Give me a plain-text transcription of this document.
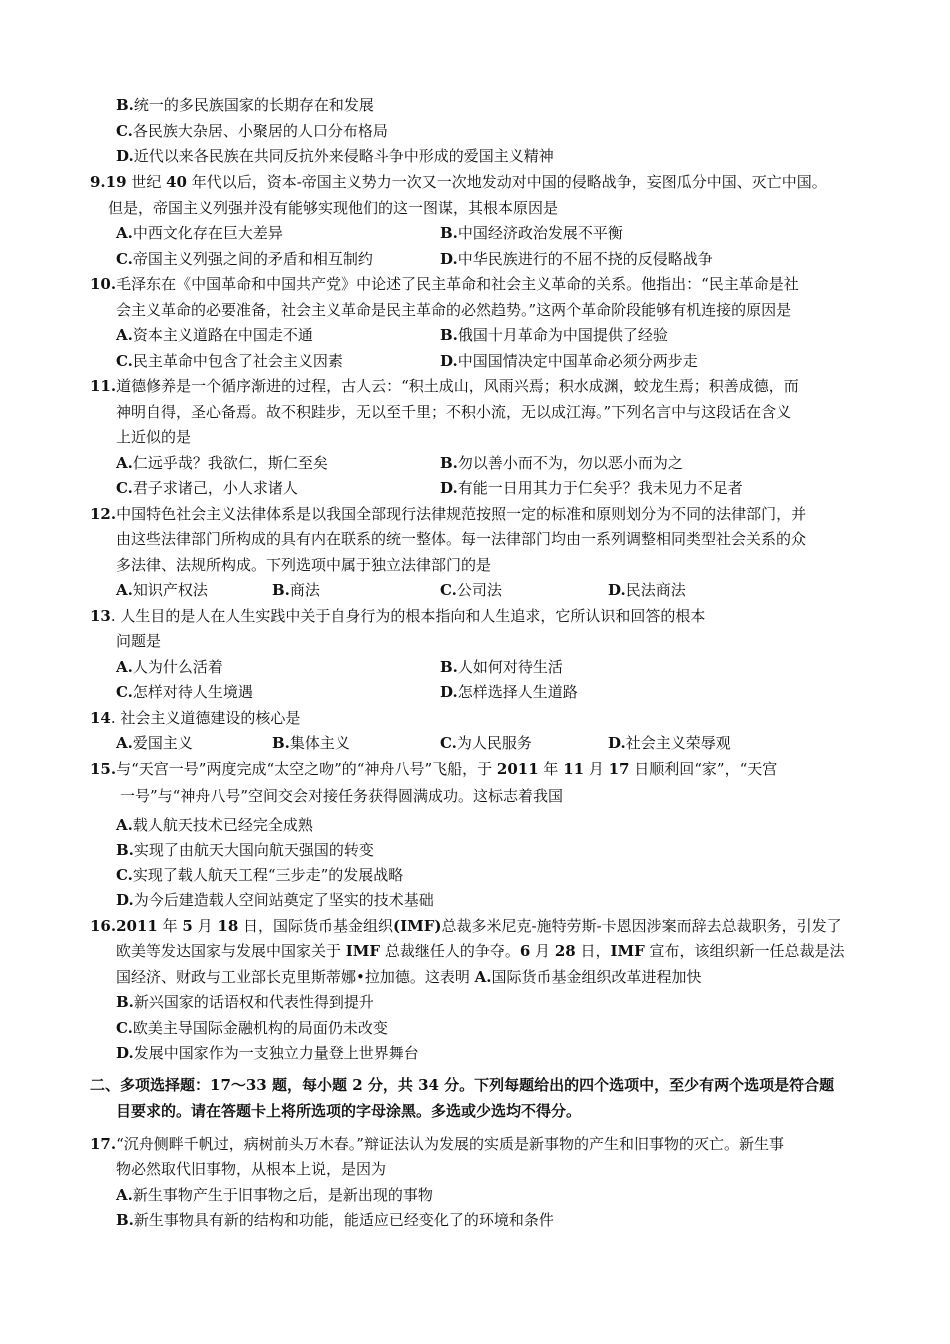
B.统一的多民族国家的长期存在和发展
C.各民族大杂居、小聚居的人口分布格局
D.近代以来各民族在共同反抗外来侵略斗争中形成的爱国主义精神
9.19 世纪 40 年代以后，资本-帝国主义势力一次又一次地发动对中国的侵略战争，妄图瓜分中国、灭亡中国。
但是，帝国主义列强并没有能够实现他们的这一图谋，其根本原因是
A.中西文化存在巨大差异	B.中国经济政治发展不平衡
C.帝国主义列强之间的矛盾和相互制约	D.中华民族进行的不屈不挠的反侵略战争
10.毛泽东在《中国革命和中国共产党》中论述了民主革命和社会主义革命的关系。他指出：“民主革命是社
会主义革命的必要准备，社会主义革命是民主革命的必然趋势。”这两个革命阶段能够有机连接的原因是
A.资本主义道路在中国走不通	B.俄国十月革命为中国提供了经验
C.民主革命中包含了社会主义因素	D.中国国情决定中国革命必须分两步走
11.道德修养是一个循序渐进的过程，古人云：“积土成山，风雨兴焉；积水成渊，蛟龙生焉；积善成德，而
神明自得，圣心备焉。故不积跬步，无以至千里；不积小流，无以成江海。”下列名言中与这段话在含义
上近似的是
A.仁远乎哉？我欲仁，斯仁至矣	B.勿以善小而不为，勿以恶小而为之
C.君子求诸己，小人求诸人	D.有能一日用其力于仁矣乎？我未见力不足者
12.中国特色社会主义法律体系是以我国全部现行法律规范按照一定的标准和原则划分为不同的法律部门，并
由这些法律部门所构成的具有内在联系的统一整体。每一法律部门均由一系列调整相同类型社会关系的众
多法律、法规所构成。下列选项中属于独立法律部门的是
A.知识产权法	B.商法	C.公司法	D.民法商法
13. 人生目的是人在人生实践中关于自身行为的根本指向和人生追求，它所认识和回答的根本
问题是
A.人为什么活着	B.人如何对待生活
C.怎样对待人生境遇	D.怎样选择人生道路
14. 社会主义道德建设的核心是
A.爱国主义	B.集体主义	C.为人民服务	D.社会主义荣辱观
15.与“天宫一号”两度完成“太空之吻”的“神舟八号”飞船，于 2011 年 11 月 17 日顺利回“家”，“天宫
一号”与“神舟八号”空间交会对接任务获得圆满成功。这标志着我国
A.载人航天技术已经完全成熟
B.实现了由航天大国向航天强国的转变
C.实现了载人航天工程“三步走”的发展战略
D.为今后建造载人空间站奠定了坚实的技术基础
16.2011 年 5 月 18 日，国际货币基金组织(IMF)总裁多米尼克-施特劳斯-卡恩因涉案而辞去总裁职务，引发了
欧美等发达国家与发展中国家关于 IMF 总裁继任人的争夺。6 月 28 日，IMF 宣布，该组织新一任总裁是法
国经济、财政与工业部长克里斯蒂娜•拉加德。这表明 A.国际货币基金组织改革进程加快
B.新兴国家的话语权和代表性得到提升
C.欧美主导国际金融机构的局面仍未改变
D.发展中国家作为一支独立力量登上世界舞台
二、多项选择题：17〜33 题，每小题 2 分，共 34 分。下列每题给出的四个选项中，至少有两个选项是符合题
目要求的。请在答题卡上将所选项的字母涂黑。多选或少选均不得分。
17.“沉舟侧畔千帆过，病树前头万木春。”辩证法认为发展的实质是新事物的产生和旧事物的灭亡。新生事
物必然取代旧事物，从根本上说，是因为
A.新生事物产生于旧事物之后，是新出现的事物
B.新生事物具有新的结构和功能，能适应已经变化了的环境和条件
